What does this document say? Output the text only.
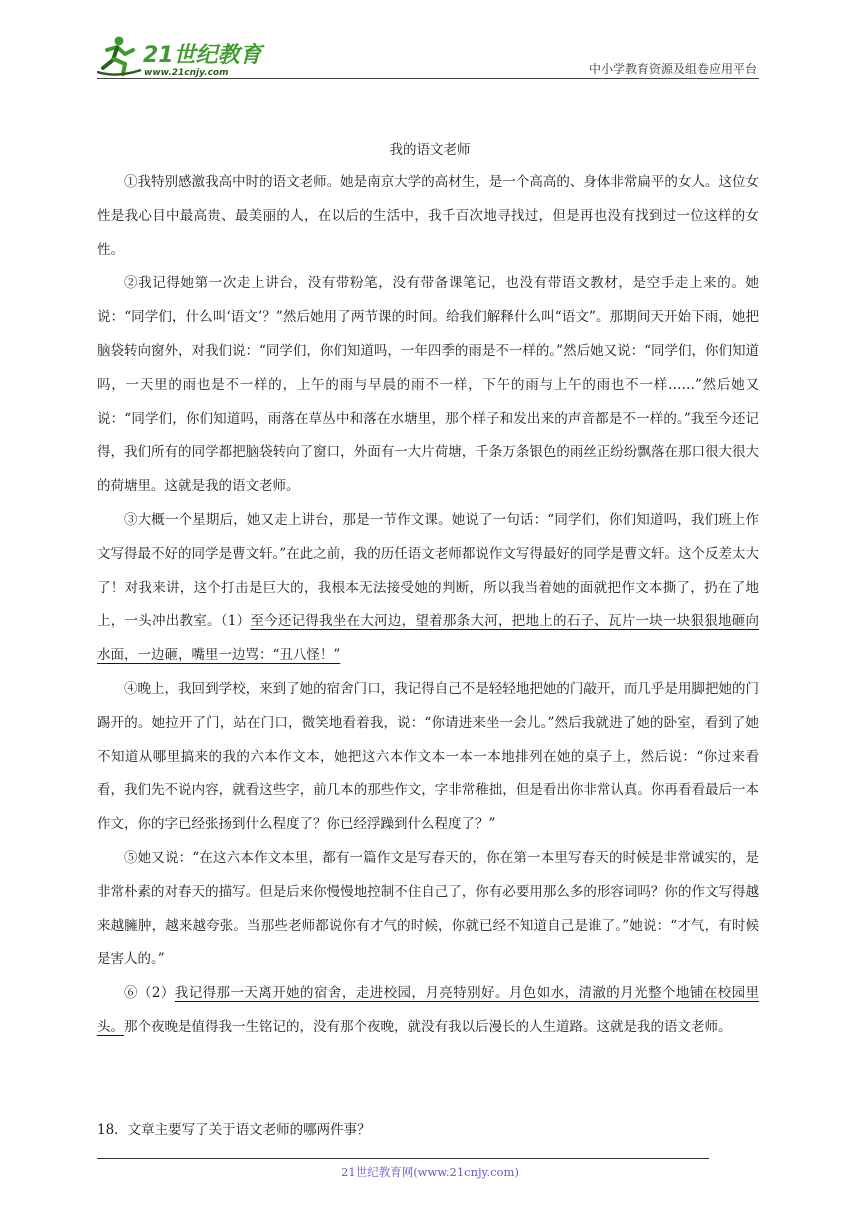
21世纪教育
www.21cnjy.com	中小学教育资源及组卷应用平台
我的语文老师

①我特别感激我高中时的语文老师。她是南京大学的高材生，是一个高高的、身体非常扁平的女人。这位女性是我心目中最高贵、最美丽的人，在以后的生活中，我千百次地寻找过，但是再也没有找到过一位这样的女性。

②我记得她第一次走上讲台，没有带粉笔，没有带备课笔记，也没有带语文教材，是空手走上来的。她说：“同学们，什么叫‘语文’？”然后她用了两节课的时间。给我们解释什么叫“语文”。那期间天开始下雨，她把脑袋转向窗外，对我们说：“同学们，你们知道吗，一年四季的雨是不一样的。”然后她又说：“同学们，你们知道吗，一天里的雨也是不一样的，上午的雨与早晨的雨不一样，下午的雨与上午的雨也不一样……”然后她又说：“同学们，你们知道吗，雨落在草丛中和落在水塘里，那个样子和发出来的声音都是不一样的。”我至今还记得，我们所有的同学都把脑袋转向了窗口，外面有一大片荷塘，千条万条银色的雨丝正纷纷飘落在那口很大很大的荷塘里。这就是我的语文老师。

③大概一个星期后，她又走上讲台，那是一节作文课。她说了一句话：“同学们，你们知道吗，我们班上作文写得最不好的同学是曹文轩。”在此之前，我的历任语文老师都说作文写得最好的同学是曹文轩。这个反差太大了！对我来讲，这个打击是巨大的，我根本无法接受她的判断，所以我当着她的面就把作文本撕了，扔在了地上，一头冲出教室。（1）至今还记得我坐在大河边，望着那条大河，把地上的石子、瓦片一块一块狠狠地砸向水面，一边砸，嘴里一边骂：“丑八怪！”

④晚上，我回到学校，来到了她的宿舍门口，我记得自己不是轻轻地把她的门敲开，而几乎是用脚把她的门踢开的。她拉开了门，站在门口，微笑地看着我，说：“你请进来坐一会儿。”然后我就进了她的卧室，看到了她不知道从哪里搞来的我的六本作文本，她把这六本作文本一本一本地排列在她的桌子上，然后说：“你过来看看，我们先不说内容，就看这些字，前几本的那些作文，字非常稚拙，但是看出你非常认真。你再看看最后一本作文，你的字已经张扬到什么程度了？你已经浮躁到什么程度了？”

⑤她又说：“在这六本作文本里，都有一篇作文是写春天的，你在第一本里写春天的时候是非常诚实的，是非常朴素的对春天的描写。但是后来你慢慢地控制不住自己了，你有必要用那么多的形容词吗？你的作文写得越来越臃肿，越来越夸张。当那些老师都说你有才气的时候，你就已经不知道自己是谁了。”她说：“才气，有时候是害人的。”

⑥（2）我记得那一天离开她的宿舍，走进校园，月亮特别好。月色如水，清澈的月光整个地铺在校园里头。那个夜晚是值得我一生铭记的，没有那个夜晚，就没有我以后漫长的人生道路。这就是我的语文老师。

18．文章主要写了关于语文老师的哪两件事？
21世纪教育网(www.21cnjy.com)
